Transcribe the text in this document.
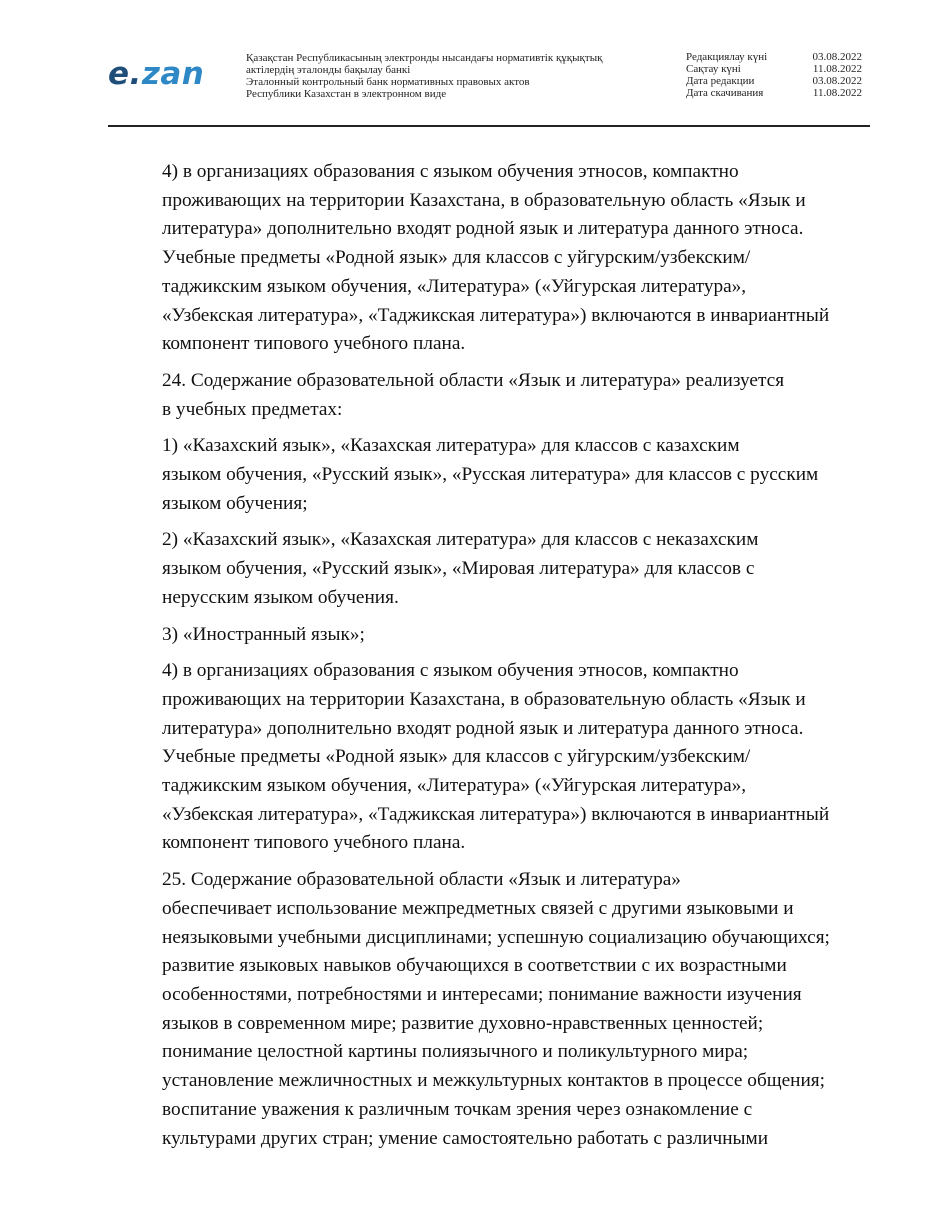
e.zan	Қазақстан Республикасының электронды нысандағы нормативтік құқықтық
актілердің эталонды бақылау банкі
Эталонный контрольный банк нормативных правовых актов
Республики Казахстан в электронном виде
Редакциялау күні	03.08.2022
Сақтау күні	11.08.2022
Дата редакции	03.08.2022
Дата скачивания	11.08.2022

4) в организациях образования с языком обучения этносов, компактно
проживающих на территории Казахстана, в образовательную область «Язык и
литература» дополнительно входят родной язык и литература данного этноса.
Учебные предметы «Родной язык» для классов с уйгурским/узбекским/
таджикским языком обучения, «Литература» («Уйгурская литература»,
«Узбекская литература», «Таджикская литература») включаются в инвариантный
компонент типового учебного плана.

24. Содержание образовательной области «Язык и литература» реализуется
в учебных предметах:

1) «Казахский язык», «Казахская литература» для классов с казахским
языком обучения, «Русский язык», «Русская литература» для классов с русским
языком обучения;

2) «Казахский язык», «Казахская литература» для классов с неказахским
языком обучения, «Русский язык», «Мировая литература» для классов с
нерусским языком обучения.

3) «Иностранный язык»;

4) в организациях образования с языком обучения этносов, компактно
проживающих на территории Казахстана, в образовательную область «Язык и
литература» дополнительно входят родной язык и литература данного этноса.
Учебные предметы «Родной язык» для классов с уйгурским/узбекским/
таджикским языком обучения, «Литература» («Уйгурская литература»,
«Узбекская литература», «Таджикская литература») включаются в инвариантный
компонент типового учебного плана.

25. Содержание образовательной области «Язык и литература»
обеспечивает использование межпредметных связей с другими языковыми и
неязыковыми учебными дисциплинами; успешную социализацию обучающихся;
развитие языковых навыков обучающихся в соответствии с их возрастными
особенностями, потребностями и интересами; понимание важности изучения
языков в современном мире; развитие духовно-нравственных ценностей;
понимание целостной картины полиязычного и поликультурного мира;
установление межличностных и межкультурных контактов в процессе общения;
воспитание уважения к различным точкам зрения через ознакомление с
культурами других стран; умение самостоятельно работать с различными
